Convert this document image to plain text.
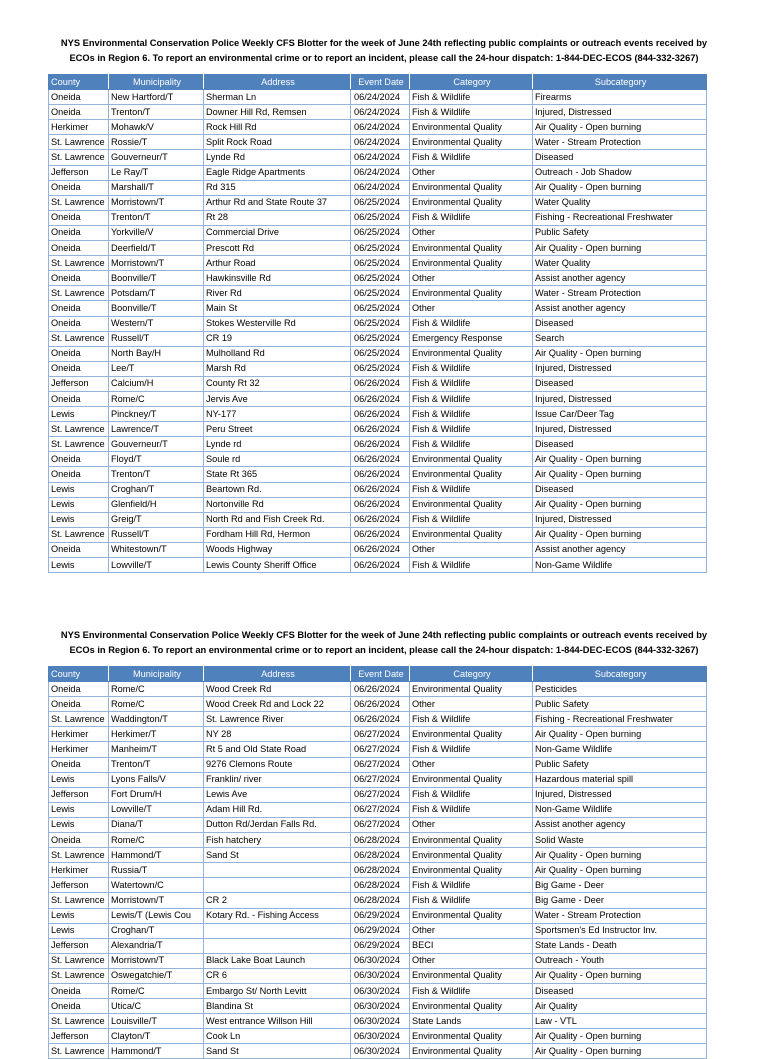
NYS Environmental Conservation Police Weekly CFS Blotter for the week of June 24th reflecting public complaints or outreach events received by
ECOs in Region 6. To report an environmental crime or to report an incident, please call the 24-hour dispatch: 1-844-DEC-ECOS (844-332-3267)
County	Municipality	Address	Event Date	Category	Subcategory
Oneida	New Hartford/T	Sherman Ln	06/24/2024	Fish & Wildlife	Firearms
Oneida	Trenton/T	Downer Hill Rd, Remsen	06/24/2024	Fish & Wildlife	Injured, Distressed
Herkimer	Mohawk/V	Rock Hill Rd	06/24/2024	Environmental Quality	Air Quality - Open burning
St. Lawrence	Rossie/T	Split Rock Road	06/24/2024	Environmental Quality	Water - Stream Protection
St. Lawrence	Gouverneur/T	Lynde Rd	06/24/2024	Fish & Wildlife	Diseased
Jefferson	Le Ray/T	Eagle Ridge Apartments	06/24/2024	Other	Outreach - Job Shadow
Oneida	Marshall/T	Rd 315	06/24/2024	Environmental Quality	Air Quality - Open burning
St. Lawrence	Morristown/T	Arthur Rd and State Route 37	06/25/2024	Environmental Quality	Water Quality
Oneida	Trenton/T	Rt 28	06/25/2024	Fish & Wildlife	Fishing - Recreational Freshwater
Oneida	Yorkville/V	Commercial Drive	06/25/2024	Other	Public Safety
Oneida	Deerfield/T	Prescott Rd	06/25/2024	Environmental Quality	Air Quality - Open burning
St. Lawrence	Morristown/T	Arthur Road	06/25/2024	Environmental Quality	Water Quality
Oneida	Boonville/T	Hawkinsville Rd	06/25/2024	Other	Assist another agency
St. Lawrence	Potsdam/T	River Rd	06/25/2024	Environmental Quality	Water - Stream Protection
Oneida	Boonville/T	Main St	06/25/2024	Other	Assist another agency
Oneida	Western/T	Stokes Westerville Rd	06/25/2024	Fish & Wildlife	Diseased
St. Lawrence	Russell/T	CR 19	06/25/2024	Emergency Response	Search
Oneida	North Bay/H	Mulholland Rd	06/25/2024	Environmental Quality	Air Quality - Open burning
Oneida	Lee/T	Marsh Rd	06/25/2024	Fish & Wildlife	Injured, Distressed
Jefferson	Calcium/H	County Rt 32	06/26/2024	Fish & Wildlife	Diseased
Oneida	Rome/C	Jervis Ave	06/26/2024	Fish & Wildlife	Injured, Distressed
Lewis	Pinckney/T	NY-177	06/26/2024	Fish & Wildlife	Issue Car/Deer Tag
St. Lawrence	Lawrence/T	Peru Street	06/26/2024	Fish & Wildlife	Injured, Distressed
St. Lawrence	Gouverneur/T	Lynde rd	06/26/2024	Fish & Wildlife	Diseased
Oneida	Floyd/T	Soule rd	06/26/2024	Environmental Quality	Air Quality - Open burning
Oneida	Trenton/T	State Rt 365	06/26/2024	Environmental Quality	Air Quality - Open burning
Lewis	Croghan/T	Beartown Rd.	06/26/2024	Fish & Wildlife	Diseased
Lewis	Glenfield/H	Nortonville Rd	06/26/2024	Environmental Quality	Air Quality - Open burning
Lewis	Greig/T	North Rd and Fish Creek Rd.	06/26/2024	Fish & Wildlife	Injured, Distressed
St. Lawrence	Russell/T	Fordham Hill Rd, Hermon	06/26/2024	Environmental Quality	Air Quality - Open burning
Oneida	Whitestown/T	Woods Highway	06/26/2024	Other	Assist another agency
Lewis	Lowville/T	Lewis County Sheriff Office	06/26/2024	Fish & Wildlife	Non-Game Wildlife
NYS Environmental Conservation Police Weekly CFS Blotter for the week of June 24th reflecting public complaints or outreach events received by
ECOs in Region 6. To report an environmental crime or to report an incident, please call the 24-hour dispatch: 1-844-DEC-ECOS (844-332-3267)
County	Municipality	Address	Event Date	Category	Subcategory
Oneida	Rome/C	Wood Creek Rd	06/26/2024	Environmental Quality	Pesticides
Oneida	Rome/C	Wood Creek Rd and Lock 22	06/26/2024	Other	Public Safety
St. Lawrence	Waddington/T	St. Lawrence River	06/26/2024	Fish & Wildlife	Fishing - Recreational Freshwater
Herkimer	Herkimer/T	NY 28	06/27/2024	Environmental Quality	Air Quality - Open burning
Herkimer	Manheim/T	Rt 5 and Old State Road	06/27/2024	Fish & Wildlife	Non-Game Wildlife
Oneida	Trenton/T	9276 Clemons Route	06/27/2024	Other	Public Safety
Lewis	Lyons Falls/V	Franklin/ river	06/27/2024	Environmental Quality	Hazardous material spill
Jefferson	Fort Drum/H	Lewis Ave	06/27/2024	Fish & Wildlife	Injured, Distressed
Lewis	Lowville/T	Adam Hill Rd.	06/27/2024	Fish & Wildlife	Non-Game Wildlife
Lewis	Diana/T	Dutton Rd/Jerdan Falls Rd.	06/27/2024	Other	Assist another agency
Oneida	Rome/C	Fish hatchery	06/28/2024	Environmental Quality	Solid Waste
St. Lawrence	Hammond/T	Sand St	06/28/2024	Environmental Quality	Air Quality - Open burning
Herkimer	Russia/T		06/28/2024	Environmental Quality	Air Quality - Open burning
Jefferson	Watertown/C		06/28/2024	Fish & Wildlife	Big Game - Deer
St. Lawrence	Morristown/T	CR 2	06/28/2024	Fish & Wildlife	Big Game - Deer
Lewis	Lewis/T (Lewis Cou	Kotary Rd. - Fishing Access	06/29/2024	Environmental Quality	Water - Stream Protection
Lewis	Croghan/T		06/29/2024	Other	Sportsmen's Ed Instructor Inv.
Jefferson	Alexandria/T		06/29/2024	BECI	State Lands - Death
St. Lawrence	Morristown/T	Black Lake Boat Launch	06/30/2024	Other	Outreach - Youth
St. Lawrence	Oswegatchie/T	CR 6	06/30/2024	Environmental Quality	Air Quality - Open burning
Oneida	Rome/C	Embargo St/ North Levitt	06/30/2024	Fish & Wildlife	Diseased
Oneida	Utica/C	Blandina St	06/30/2024	Environmental Quality	Air Quality
St. Lawrence	Louisville/T	West entrance Willson Hill	06/30/2024	State Lands	Law - VTL
Jefferson	Clayton/T	Cook Ln	06/30/2024	Environmental Quality	Air Quality - Open burning
St. Lawrence	Hammond/T	Sand St	06/30/2024	Environmental Quality	Air Quality - Open burning
